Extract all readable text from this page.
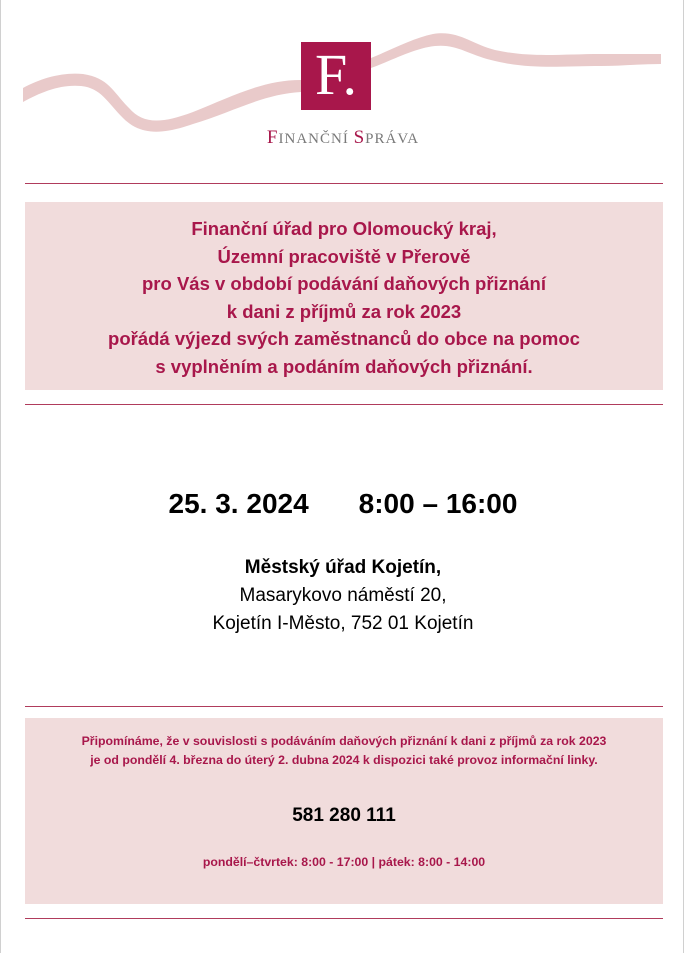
F.
FINANČNÍ SPRÁVA
Finanční úřad pro Olomoucký kraj,
Územní pracoviště v Přerově
pro Vás v období podávání daňových přiznání
k dani z příjmů za rok 2023
pořádá výjezd svých zaměstnanců do obce na pomoc
s vyplněním a podáním daňových přiznání.
25. 3. 2024 8:00 – 16:00
Městský úřad Kojetín,
Masarykovo náměstí 20,
Kojetín I-Město, 752 01 Kojetín
Připomínáme, že v souvislosti s podáváním daňových přiznání k dani z příjmů za rok 2023
je od pondělí 4. března do úterý 2. dubna 2024 k dispozici také provoz informační linky.
581 280 111
pondělí–čtvrtek: 8:00 - 17:00 | pátek: 8:00 - 14:00
